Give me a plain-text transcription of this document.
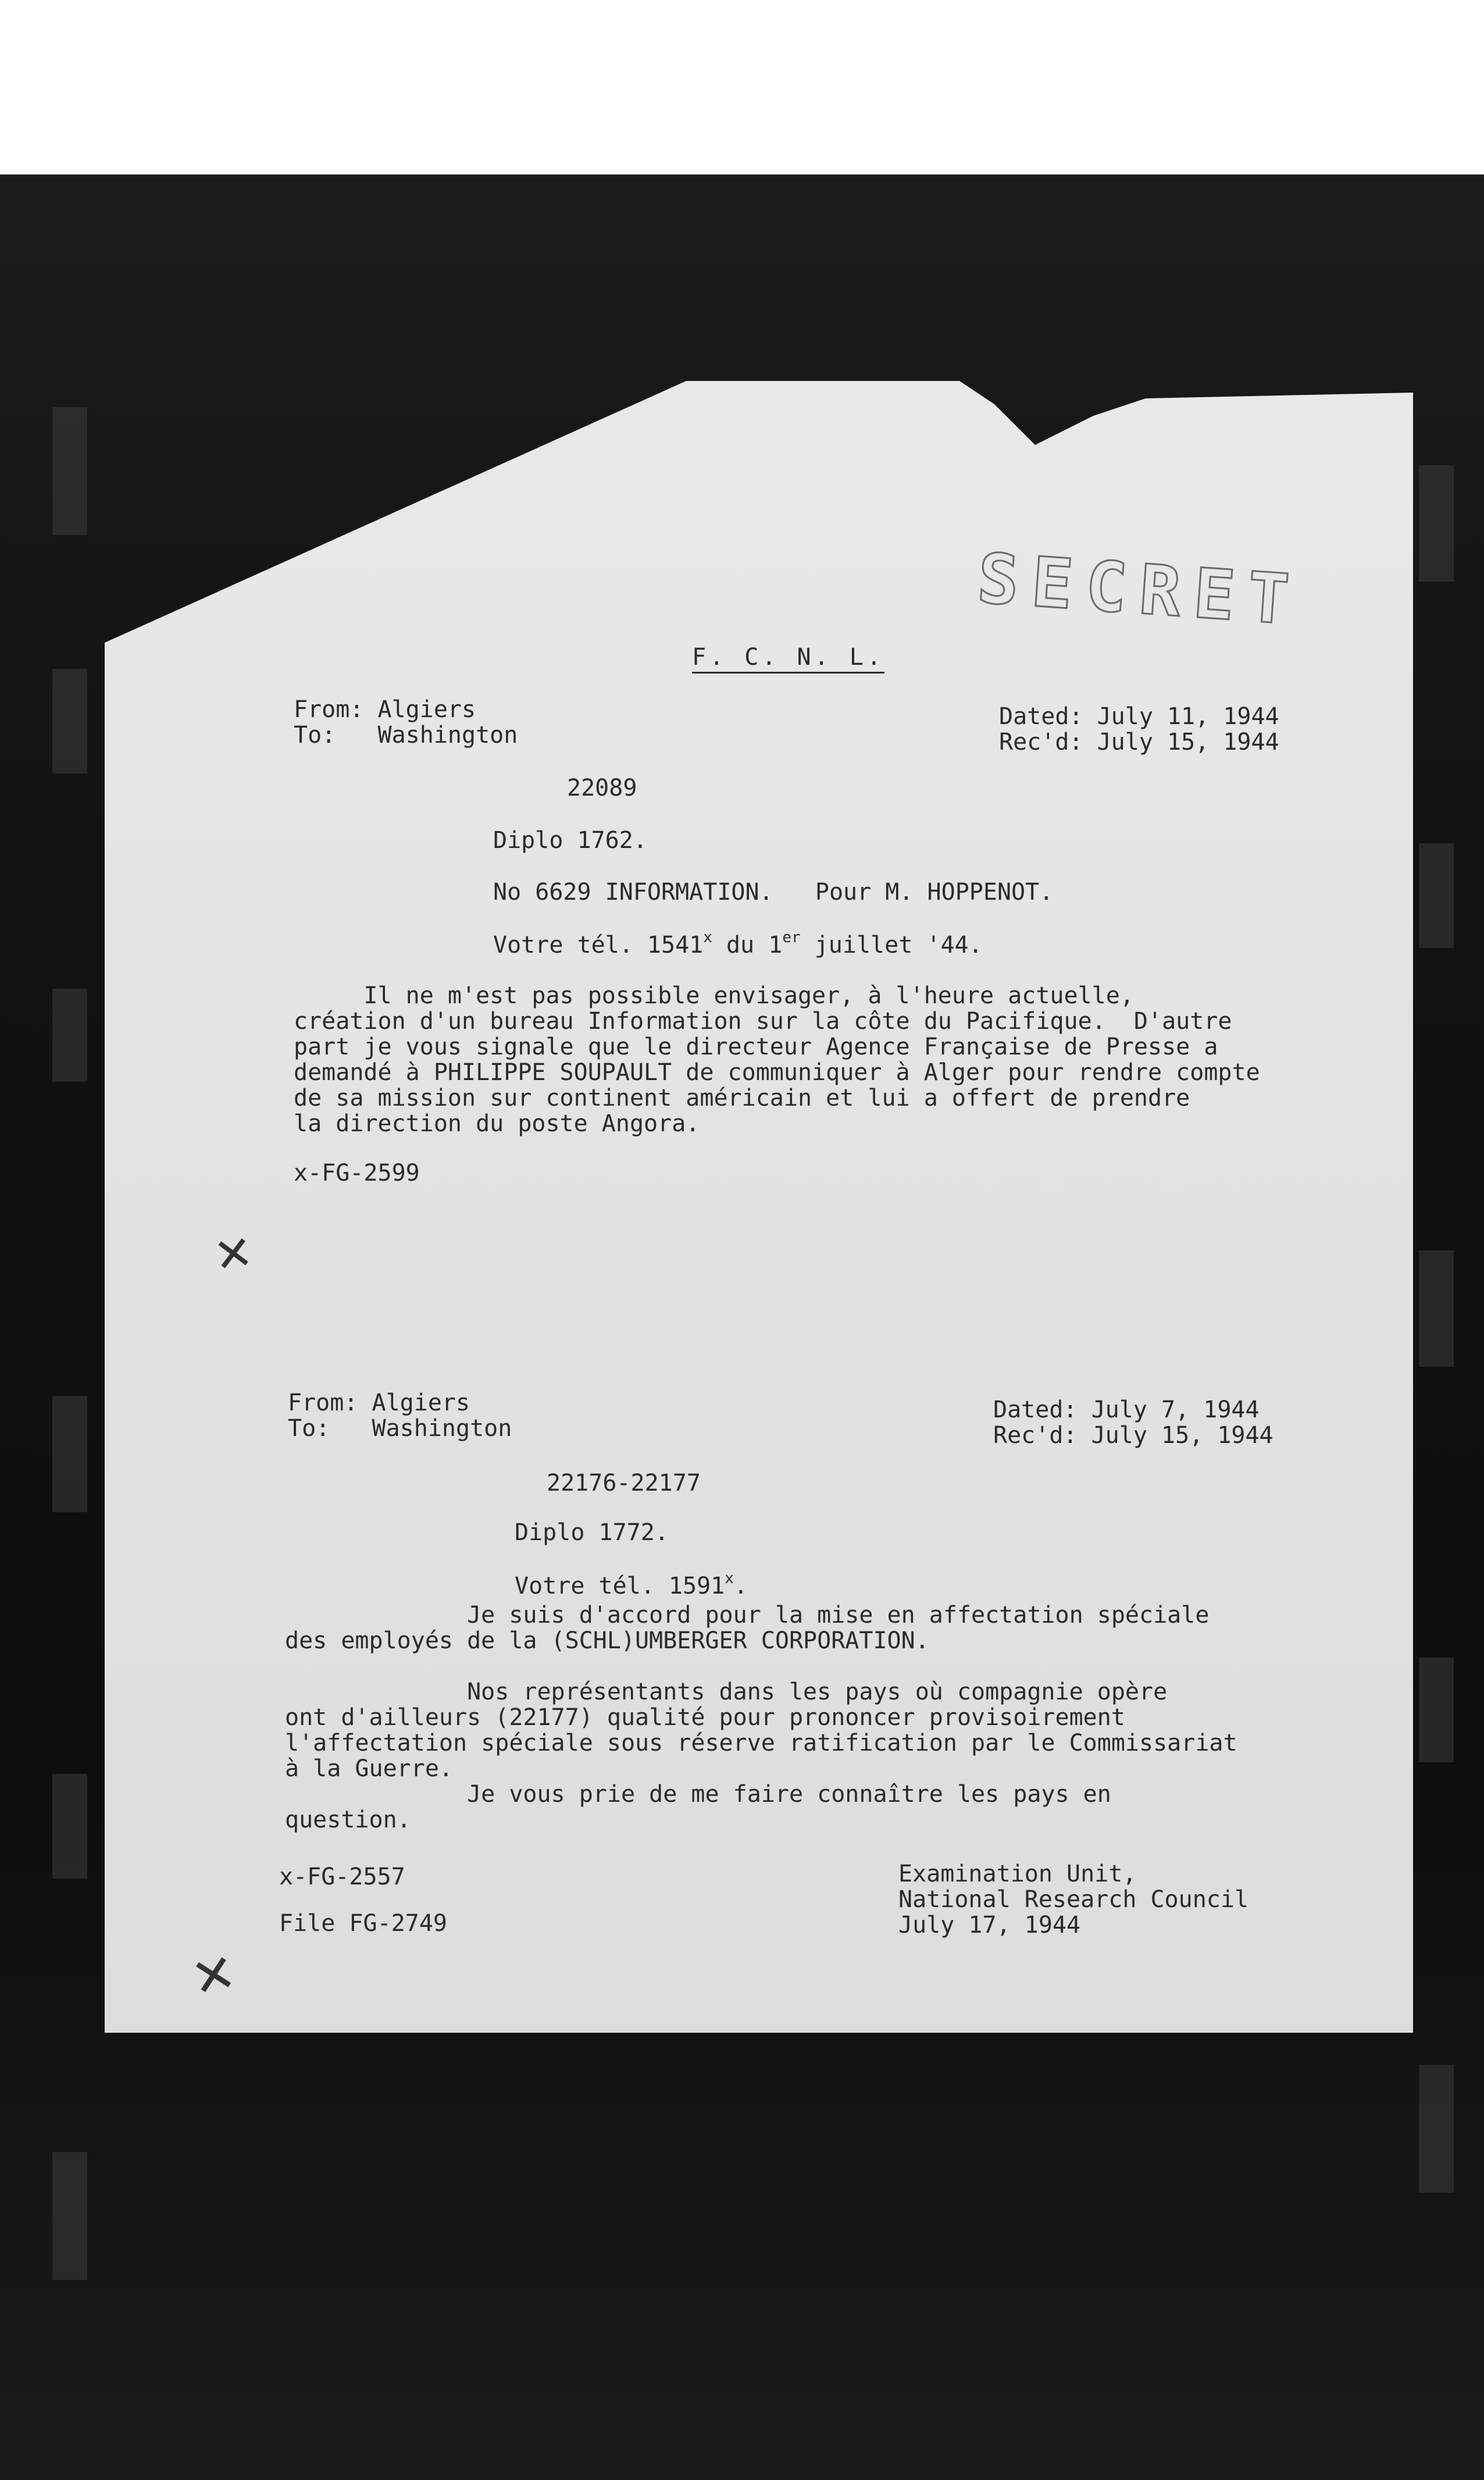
SECRET
F. C. N. L.
From: Algiers
To:   Washington
Dated: July 11, 1944
Rec'd: July 15, 1944
22089
Diplo 1762.
No 6629 INFORMATION.   Pour M. HOPPENOT.
Votre tél. 1541$^x$ du 1er juillet '44.
Il ne m'est pas possible envisager, à l'heure actuelle,
création d'un bureau Information sur la côte du Pacifique.  D'autre
part je vous signale que le directeur Agence Française de Presse a
demandé à PHILIPPE SOUPAULT de communiquer à Alger pour rendre compte
de sa mission sur continent américain et lui a offert de prendre
la direction du poste Angora.
x-FG-2599
✕
From: Algiers
To:   Washington
Dated: July 7, 1944
Rec'd: July 15, 1944
22176-22177
Diplo 1772.
Votre tél. 1591$^x$.
Je suis d'accord pour la mise en affectation spéciale
des employés de la (SCHL)UMBERGER CORPORATION.
Nos représentants dans les pays où compagnie opère
ont d'ailleurs (22177) qualité pour prononcer provisoirement
l'affectation spéciale sous réserve ratification par le Commissariat
à la Guerre.
Je vous prie de me faire connaître les pays en
question.
x-FG-2557
File FG-2749
Examination Unit,
National Research Council
July 17, 1944
✕
